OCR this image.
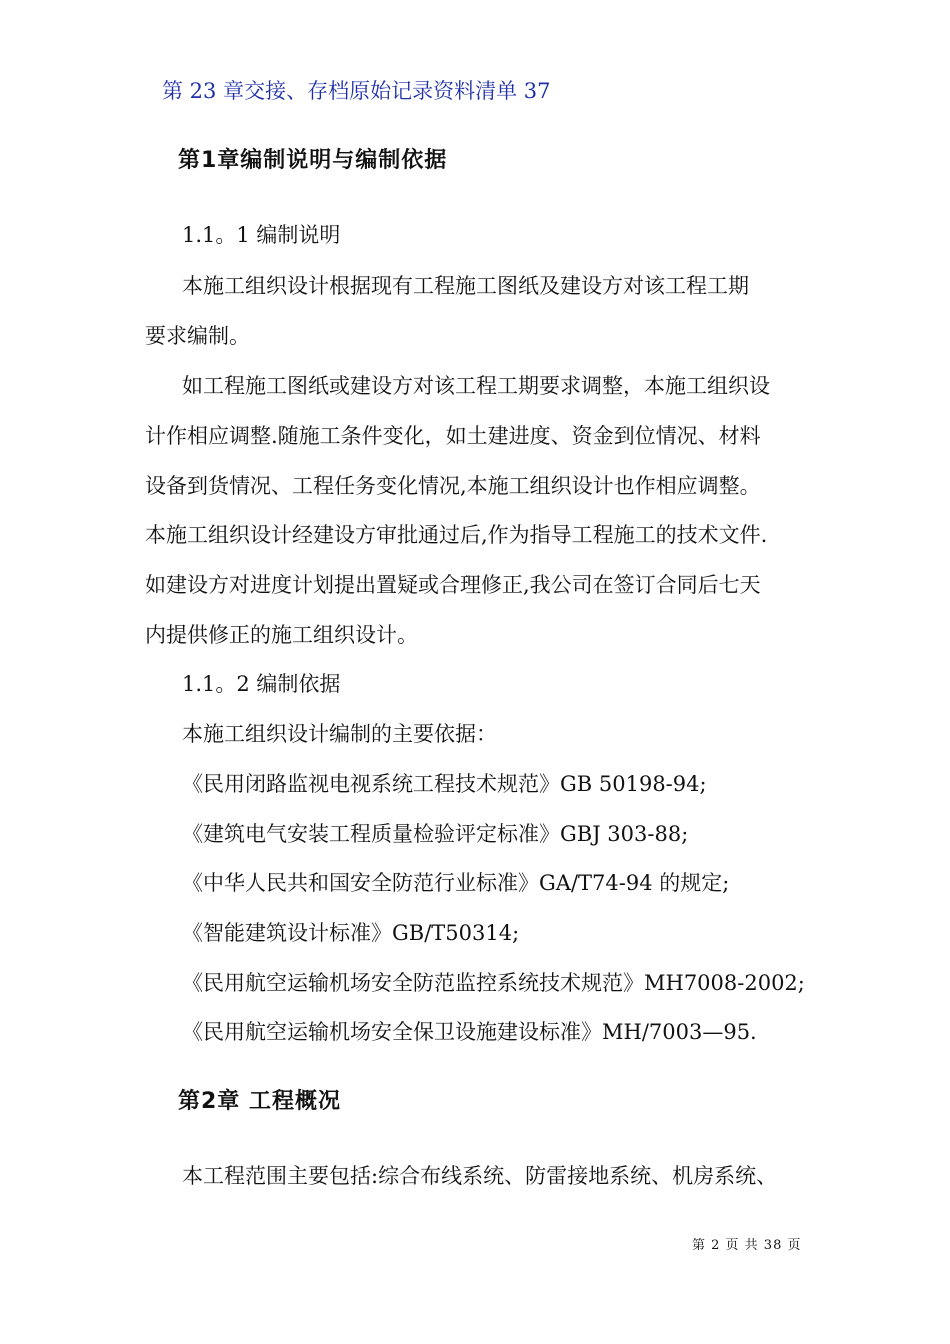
第 23 章交接、存档原始记录资料清单 37
第1章编制说明与编制依据
1.1。1 编制说明
本施工组织设计根据现有工程施工图纸及建设方对该工程工期
要求编制。
如工程施工图纸或建设方对该工程工期要求调整，本施工组织设
计作相应调整.随施工条件变化，如土建进度、资金到位情况、材料
设备到货情况、工程任务变化情况,本施工组织设计也作相应调整。
本施工组织设计经建设方审批通过后,作为指导工程施工的技术文件.
如建设方对进度计划提出置疑或合理修正,我公司在签订合同后七天
内提供修正的施工组织设计。
1.1。2 编制依据
本施工组织设计编制的主要依据：
《民用闭路监视电视系统工程技术规范》GB 50198-94;
《建筑电气安装工程质量检验评定标准》GBJ 303-88;
《中华人民共和国安全防范行业标准》GA/T74-94 的规定;
《智能建筑设计标准》GB/T50314;
《民用航空运输机场安全防范监控系统技术规范》MH7008-2002;
《民用航空运输机场安全保卫设施建设标准》MH/7003—95.
第2章 工程概况
本工程范围主要包括:综合布线系统、防雷接地系统、机房系统、
第 2 页 共 38 页
